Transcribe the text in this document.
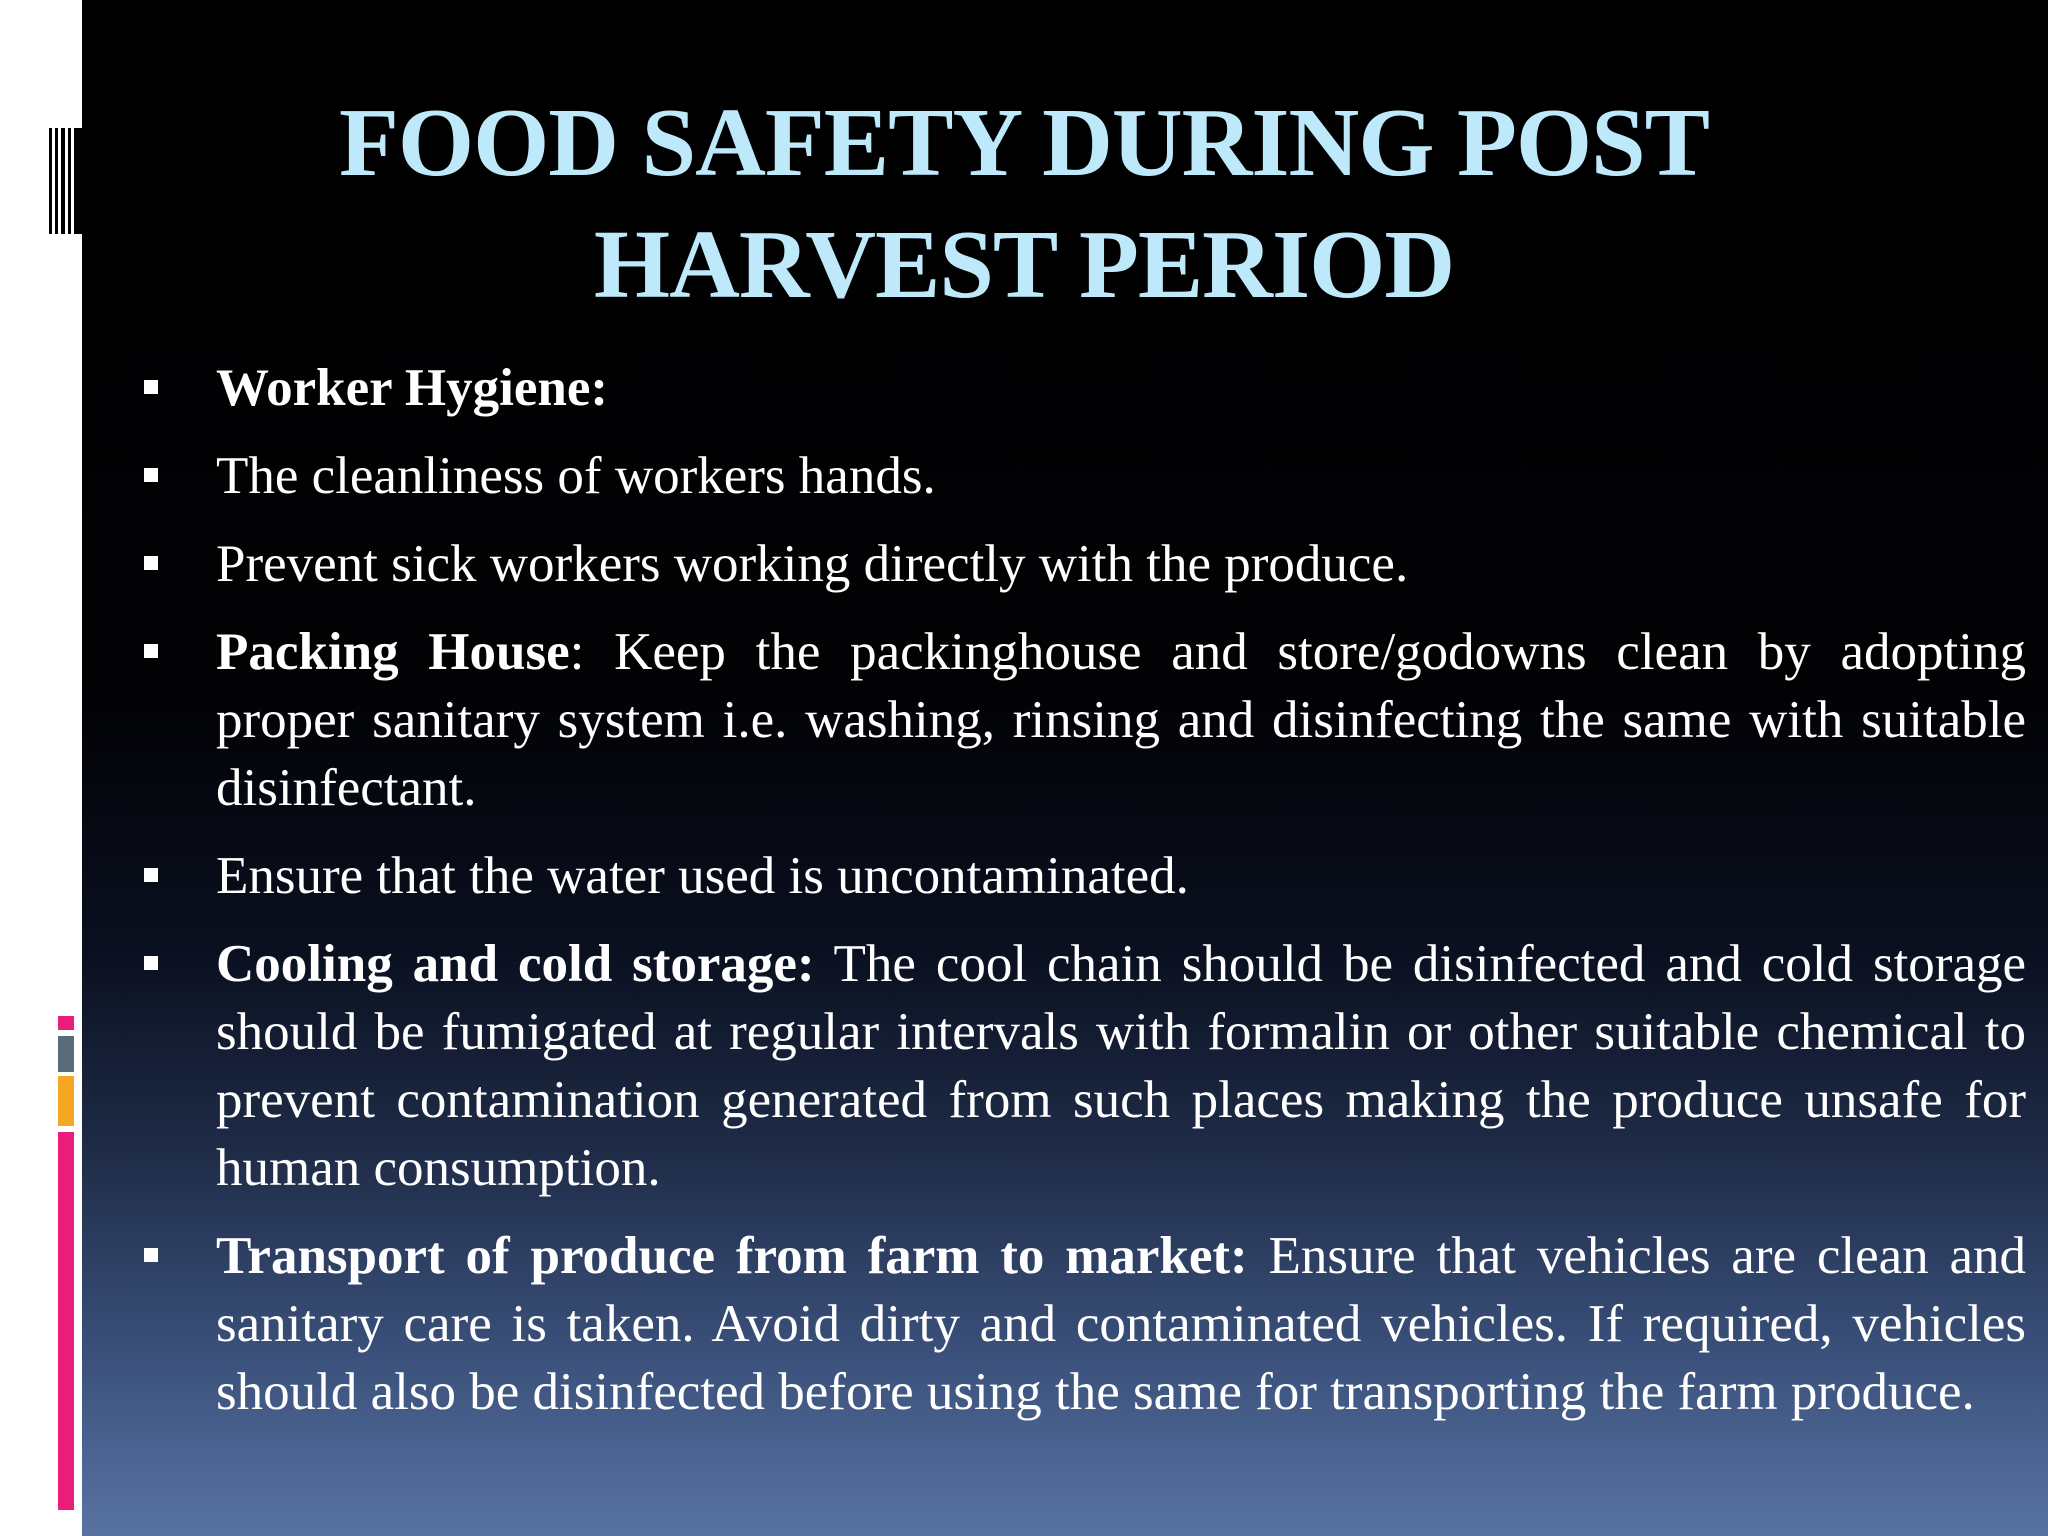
FOOD SAFETY DURING POST
HARVEST PERIOD

Worker Hygiene:

The cleanliness of workers hands.

Prevent sick workers working directly with the produce.

Packing House: Keep the packinghouse and store/godowns clean by adopting proper sanitary system i.e. washing, rinsing and disinfecting the same with suitable disinfectant.

Ensure that the water used is uncontaminated.

Cooling and cold storage: The cool chain should be disinfected and cold storage should be fumigated at regular intervals with formalin or other suitable chemical to prevent contamination generated from such places making the produce unsafe for human consumption.

Transport of produce from farm to market: Ensure that vehicles are clean and sanitary care is taken. Avoid dirty and contaminated vehicles. If required, vehicles should also be disinfected before using the same for transporting the farm produce.
